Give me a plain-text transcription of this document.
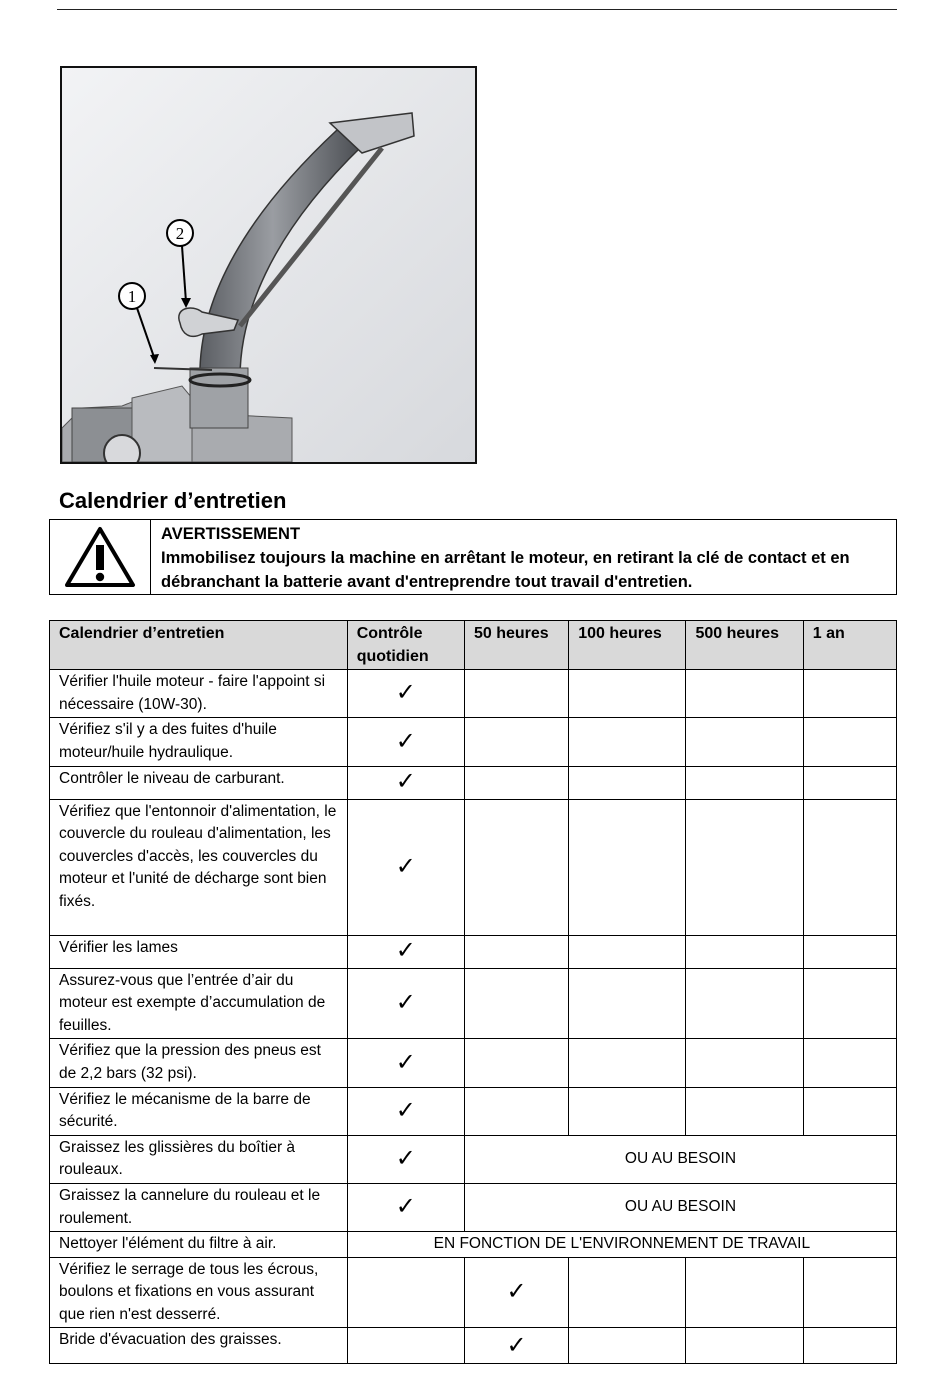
1
2
Calendrier d’entretien
AVERTISSEMENT
Immobilisez toujours la machine en arrêtant le moteur, en retirant la clé de contact et en débranchant la batterie avant d'entreprendre tout travail d'entretien.
Calendrier d’entretien	Contrôle quotidien	50 heures	100 heures	500 heures	1 an
Vérifier l'huile moteur - faire l'appoint si nécessaire (10W-30).	✓				
Vérifiez s'il y a des fuites d'huile moteur/huile hydraulique.	✓				
Contrôler le niveau de carburant.	✓				
Vérifiez que l'entonnoir d'alimentation, le couvercle du rouleau d'alimentation, les couvercles d'accès, les couvercles du moteur et l'unité de décharge sont bien fixés.	✓				
Vérifier les lames	✓				
Assurez-vous que l’entrée d’air du moteur est exempte d’accumulation de feuilles.	✓				
Vérifiez que la pression des pneus est de 2,2 bars (32 psi).	✓				
Vérifiez le mécanisme de la barre de sécurité.	✓				
Graissez les glissières du boîtier à rouleaux.	✓	OU AU BESOIN			
Graissez la cannelure du rouleau et le roulement.	✓	OU AU BESOIN			
Nettoyer l'élément du filtre à air.	EN FONCTION DE L'ENVIRONNEMENT DE TRAVAIL				
Vérifiez le serrage de tous les écrous, boulons et fixations en vous assurant que rien n'est desserré.		✓			
Bride d'évacuation des graisses.		✓			
